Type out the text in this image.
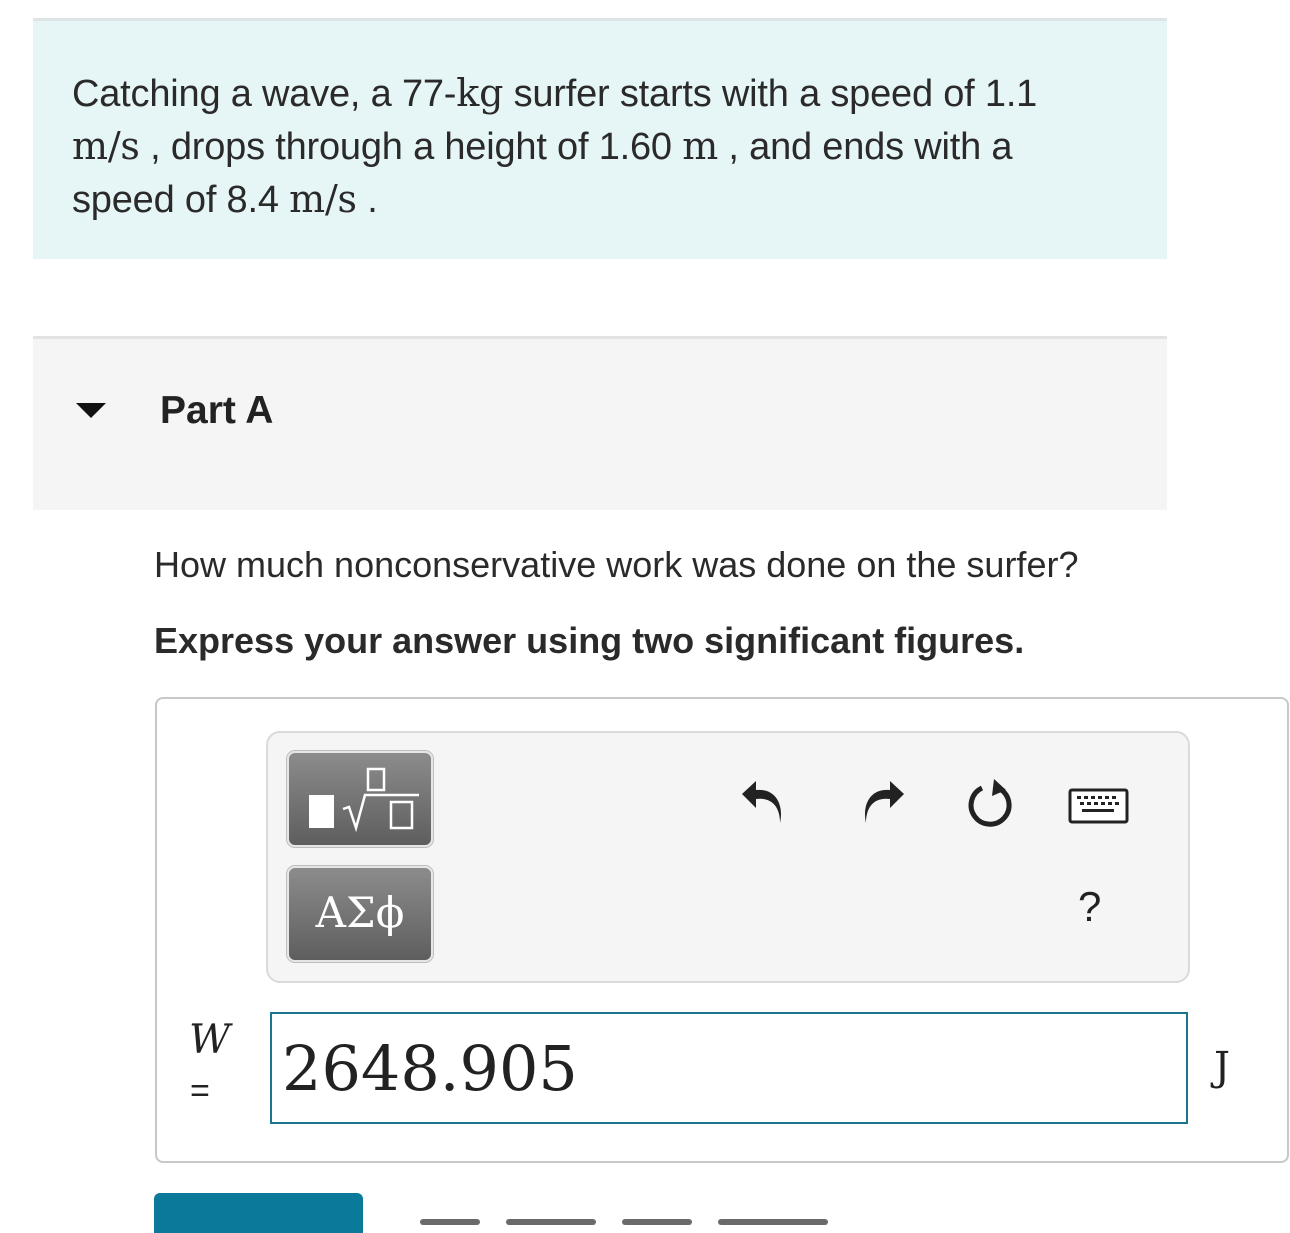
Catching a wave, a 77-kg surfer starts with a speed of 1.1
m/s , drops through a height of 1.60 m , and ends with a speed of 8.4 m/s .
Part A
How much nonconservative work was done on the surfer?
Express your answer using two significant figures.
ΑΣϕ	?
W
=
2648.905
J
